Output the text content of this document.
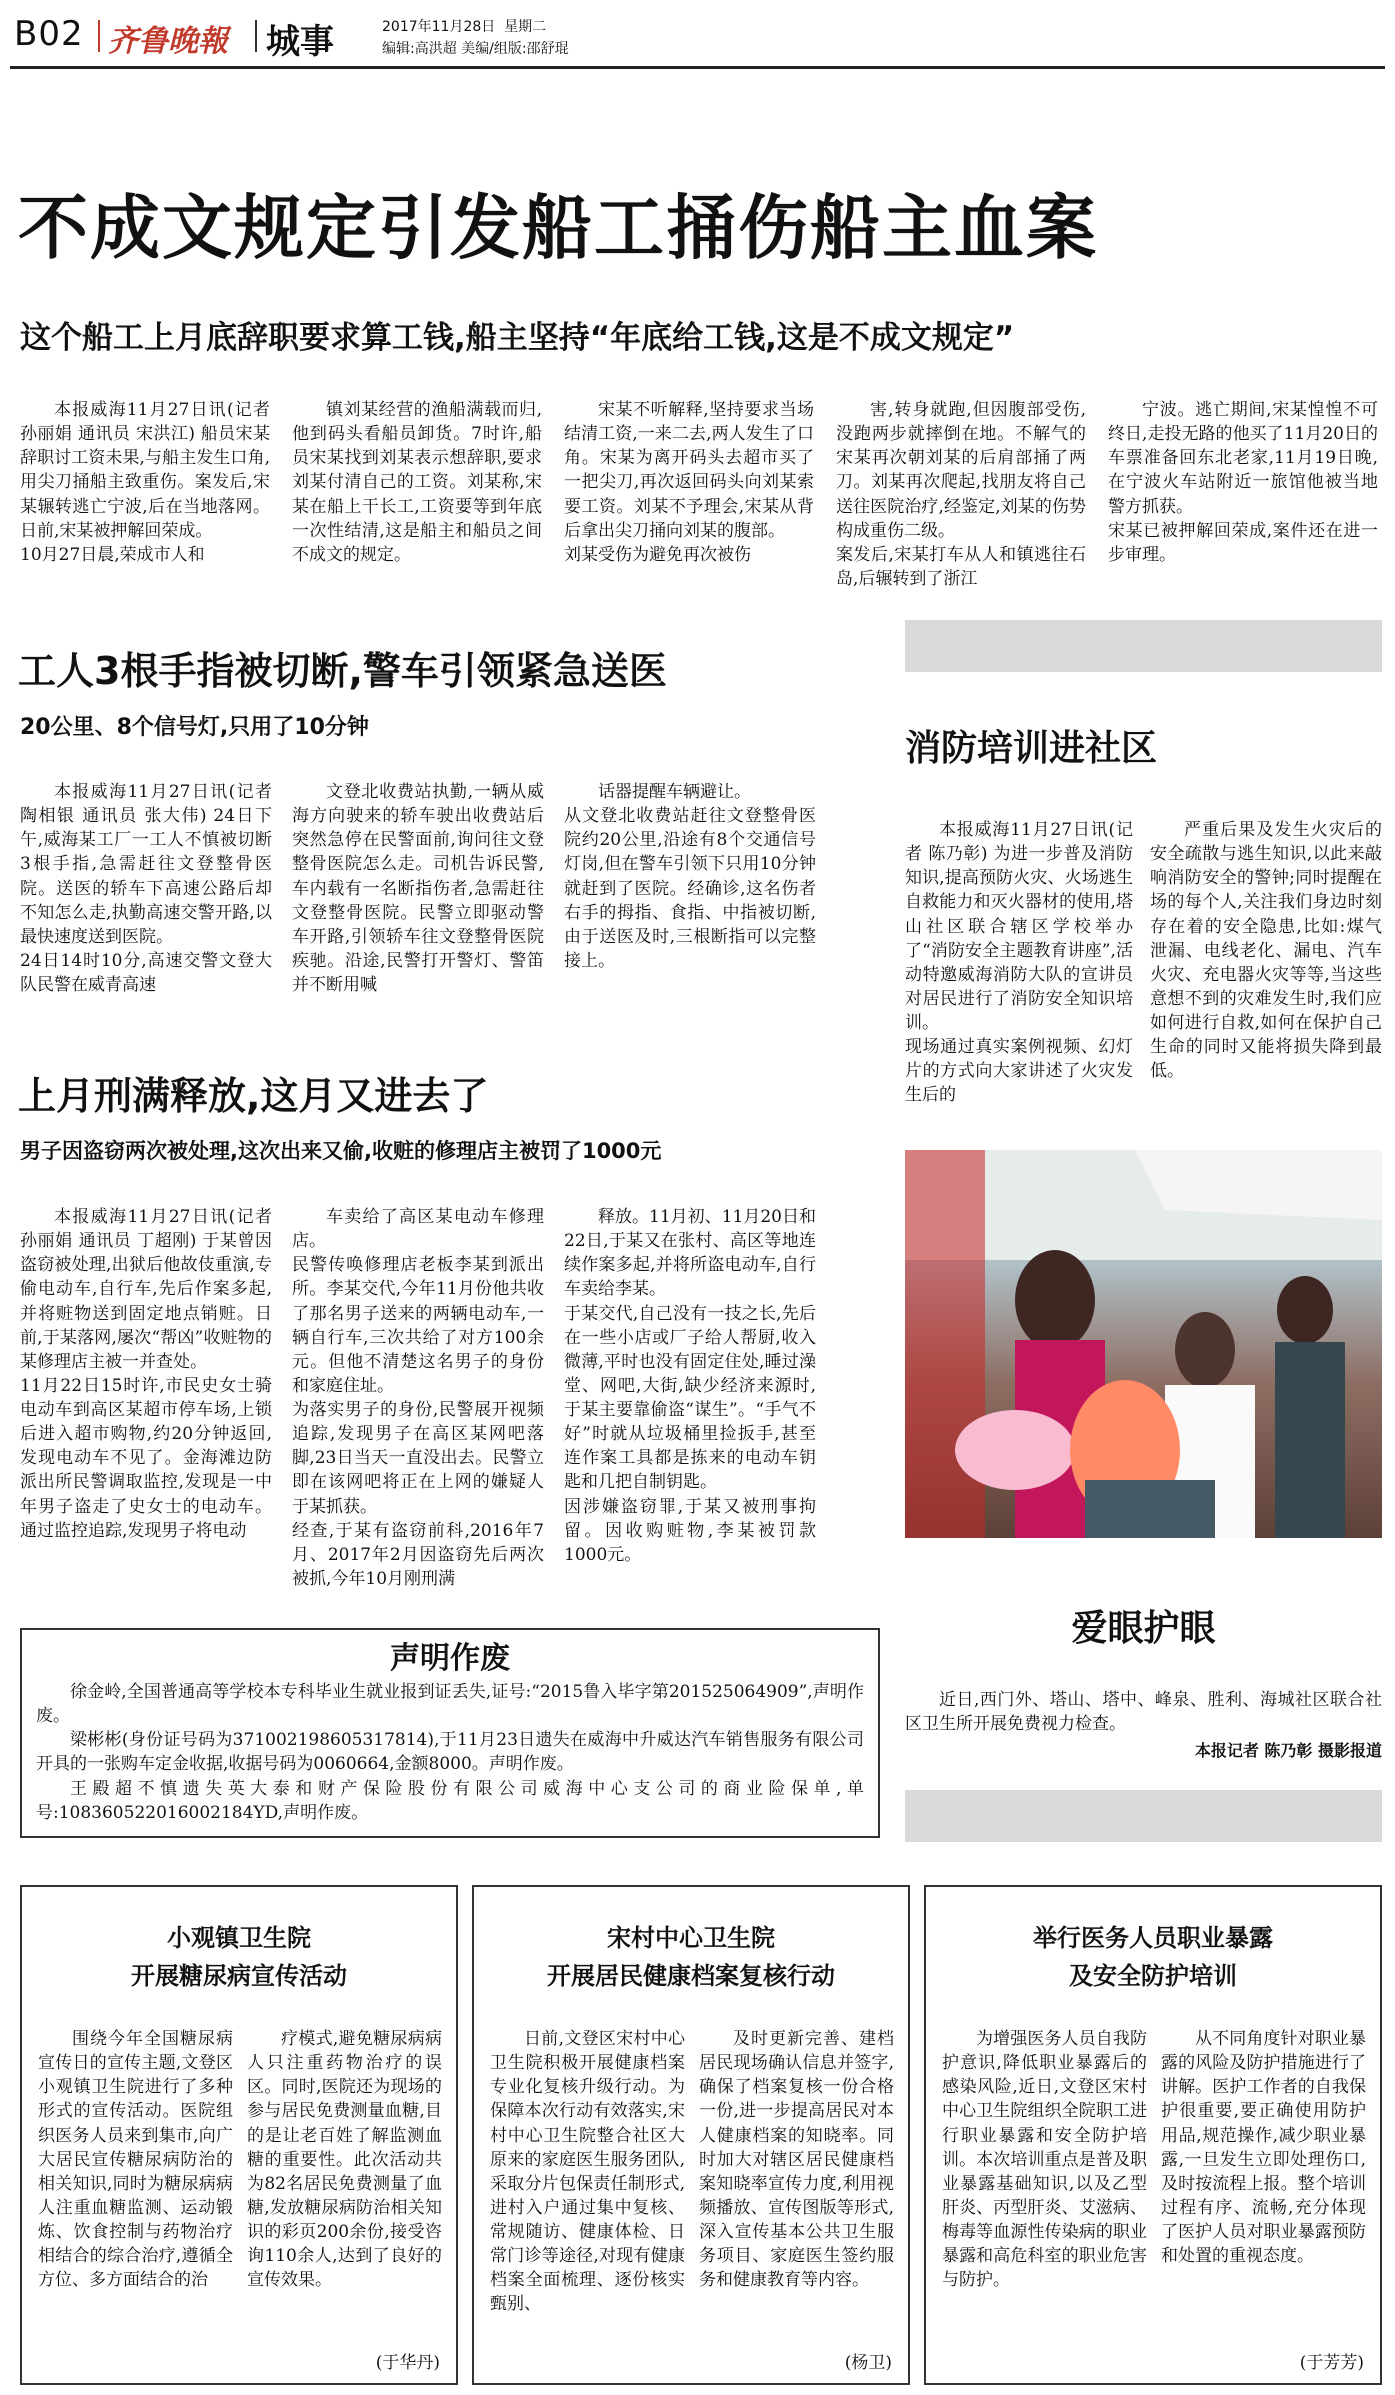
B02 齐鲁晚報 城事	2017年11月28日 星期二
编辑:高洪超 美编/组版:邵舒琨
不成文规定引发船工捅伤船主血案
这个船工上月底辞职要求算工钱,船主坚持“年底给工钱,这是不成文规定”

本报威海11月27日讯(记者 孙丽娟 通讯员 宋洪江) 船员宋某辞职讨工资未果,与船主发生口角,用尖刀捅船主致重伤。案发后,宋某辗转逃亡宁波,后在当地落网。日前,宋某被押解回荣成。
10月27日晨,荣成市人和

镇刘某经营的渔船满载而归,他到码头看船员卸货。7时许,船员宋某找到刘某表示想辞职,要求刘某付清自己的工资。刘某称,宋某在船上干长工,工资要等到年底一次性结清,这是船主和船员之间不成文的规定。

宋某不听解释,坚持要求当场结清工资,一来二去,两人发生了口角。宋某为离开码头去超市买了一把尖刀,再次返回码头向刘某索要工资。刘某不予理会,宋某从背后拿出尖刀捅向刘某的腹部。
刘某受伤为避免再次被伤

害,转身就跑,但因腹部受伤,没跑两步就摔倒在地。不解气的宋某再次朝刘某的后肩部捅了两刀。刘某再次爬起,找朋友将自己送往医院治疗,经鉴定,刘某的伤势构成重伤二级。
案发后,宋某打车从人和镇逃往石岛,后辗转到了浙江

宁波。逃亡期间,宋某惶惶不可终日,走投无路的他买了11月20日的车票准备回东北老家,11月19日晚,在宁波火车站附近一旅馆他被当地警方抓获。
宋某已被押解回荣成,案件还在进一步审理。

工人3根手指被切断,警车引领紧急送医
20公里、8个信号灯,只用了10分钟

本报威海11月27日讯(记者 陶相银 通讯员 张大伟) 24日下午,威海某工厂一工人不慎被切断3根手指,急需赶往文登整骨医院。送医的轿车下高速公路后却不知怎么走,执勤高速交警开路,以最快速度送到医院。
24日14时10分,高速交警文登大队民警在威青高速

文登北收费站执勤,一辆从威海方向驶来的轿车驶出收费站后突然急停在民警面前,询问往文登整骨医院怎么走。司机告诉民警,车内载有一名断指伤者,急需赶往文登整骨医院。民警立即驱动警车开路,引领轿车往文登整骨医院疾驰。沿途,民警打开警灯、警笛并不断用喊

话器提醒车辆避让。
从文登北收费站赶往文登整骨医院约20公里,沿途有8个交通信号灯岗,但在警车引领下只用10分钟就赶到了医院。经确诊,这名伤者右手的拇指、食指、中指被切断,由于送医及时,三根断指可以完整接上。

上月刑满释放,这月又进去了
男子因盗窃两次被处理,这次出来又偷,收赃的修理店主被罚了1000元

本报威海11月27日讯(记者 孙丽娟 通讯员 丁超刚) 于某曾因盗窃被处理,出狱后他故伎重演,专偷电动车,自行车,先后作案多起,并将赃物送到固定地点销赃。日前,于某落网,屡次“帮凶”收赃物的某修理店主被一并查处。
11月22日15时许,市民史女士骑电动车到高区某超市停车场,上锁后进入超市购物,约20分钟返回,发现电动车不见了。金海滩边防派出所民警调取监控,发现是一中年男子盗走了史女士的电动车。通过监控追踪,发现男子将电动

车卖给了高区某电动车修理店。
民警传唤修理店老板李某到派出所。李某交代,今年11月份他共收了那名男子送来的两辆电动车,一辆自行车,三次共给了对方100余元。但他不清楚这名男子的身份和家庭住址。
为落实男子的身份,民警展开视频追踪,发现男子在高区某网吧落脚,23日当天一直没出去。民警立即在该网吧将正在上网的嫌疑人于某抓获。
经查,于某有盗窃前科,2016年7月、2017年2月因盗窃先后两次被抓,今年10月刚刑满

释放。11月初、11月20日和22日,于某又在张村、高区等地连续作案多起,并将所盗电动车,自行车卖给李某。
于某交代,自己没有一技之长,先后在一些小店或厂子给人帮厨,收入微薄,平时也没有固定住处,睡过澡堂、网吧,大街,缺少经济来源时,于某主要靠偷盗“谋生”。“手气不好”时就从垃圾桶里捡扳手,甚至连作案工具都是拣来的电动车钥匙和几把自制钥匙。
因涉嫌盗窃罪,于某又被刑事拘留。因收购赃物,李某被罚款1000元。

消防培训进社区

本报威海11月27日讯(记者 陈乃彰) 为进一步普及消防知识,提高预防火灾、火场逃生自救能力和灭火器材的使用,塔山社区联合辖区学校举办了“消防安全主题教育讲座”,活动特邀威海消防大队的宣讲员对居民进行了消防安全知识培训。
现场通过真实案例视频、幻灯片的方式向大家讲述了火灾发生后的

严重后果及发生火灾后的安全疏散与逃生知识,以此来敲响消防安全的警钟;同时提醒在场的每个人,关注我们身边时刻存在着的安全隐患,比如:煤气泄漏、电线老化、漏电、汽车火灾、充电器火灾等等,当这些意想不到的灾难发生时,我们应如何进行自救,如何在保护自己生命的同时又能将损失降到最低。

爱眼护眼

近日,西门外、塔山、塔中、峰泉、胜利、海城社区联合社区卫生所开展免费视力检查。

本报记者 陈乃彰 摄影报道
声明作废

徐金岭,全国普通高等学校本专科毕业生就业报到证丢失,证号:“2015鲁入毕字第201525064909”,声明作废。

梁彬彬(身份证号码为371002198605317814),于11月23日遗失在威海中升威达汽车销售服务有限公司开具的一张购车定金收据,收据号码为0060664,金额8000。声明作废。

王殿超不慎遗失英大泰和财产保险股份有限公司威海中心支公司的商业险保单,单号:108360522016002184YD,声明作废。

小观镇卫生院
开展糖尿病宣传活动

围绕今年全国糖尿病宣传日的宣传主题,文登区小观镇卫生院进行了多种形式的宣传活动。医院组织医务人员来到集市,向广大居民宣传糖尿病防治的相关知识,同时为糖尿病病人注重血糖监测、运动锻炼、饮食控制与药物治疗相结合的综合治疗,遵循全方位、多方面结合的治

疗模式,避免糖尿病病人只注重药物治疗的误区。同时,医院还为现场的参与居民免费测量血糖,目的是让老百姓了解监测血糖的重要性。此次活动共为82名居民免费测量了血糖,发放糖尿病防治相关知识的彩页200余份,接受咨询110余人,达到了良好的宣传效果。

(于华丹)
宋村中心卫生院
开展居民健康档案复核行动

日前,文登区宋村中心卫生院积极开展健康档案专业化复核升级行动。为保障本次行动有效落实,宋村中心卫生院整合社区大原来的家庭医生服务团队,采取分片包保责任制形式,进村入户通过集中复核、常规随访、健康体检、日常门诊等途径,对现有健康档案全面梳理、逐份核实甄别、

及时更新完善、建档居民现场确认信息并签字,确保了档案复核一份合格一份,进一步提高居民对本人健康档案的知晓率。同时加大对辖区居民健康档案知晓率宣传力度,利用视频播放、宣传图版等形式,深入宣传基本公共卫生服务项目、家庭医生签约服务和健康教育等内容。

(杨卫)
举行医务人员职业暴露
及安全防护培训

为增强医务人员自我防护意识,降低职业暴露后的感染风险,近日,文登区宋村中心卫生院组织全院职工进行职业暴露和安全防护培训。本次培训重点是普及职业暴露基础知识,以及乙型肝炎、丙型肝炎、艾滋病、梅毒等血源性传染病的职业暴露和高危科室的职业危害与防护。

从不同角度针对职业暴露的风险及防护措施进行了讲解。医护工作者的自我保护很重要,要正确使用防护用品,规范操作,减少职业暴露,一旦发生立即处理伤口,及时按流程上报。整个培训过程有序、流畅,充分体现了医护人员对职业暴露预防和处置的重视态度。

(于芳芳)
